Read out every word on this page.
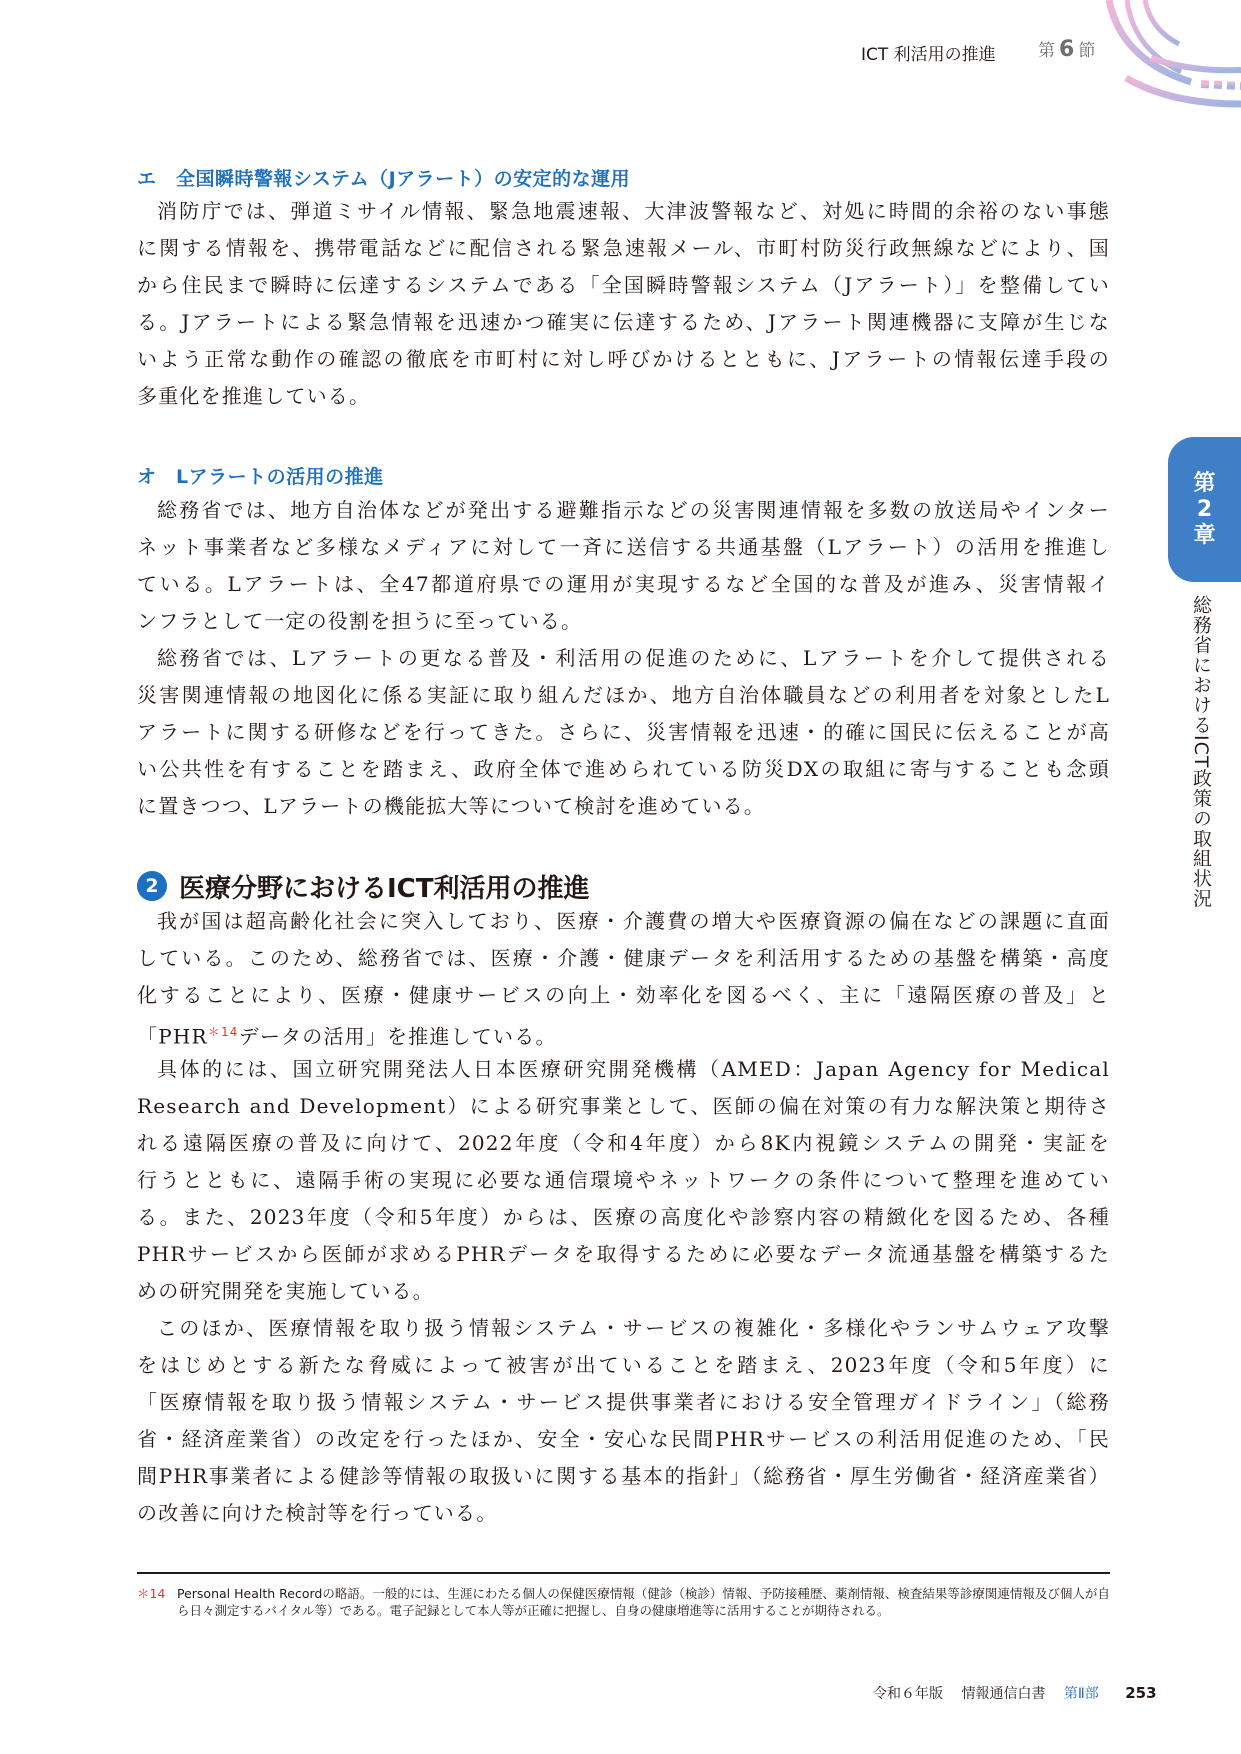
ICT 利活用の推進 第 6 節
エ　全国瞬時警報システム（Jアラート）の安定的な運用
消防庁では、弾道ミサイル情報、緊急地震速報、大津波警報など、対処に時間的余裕のない事態
に関する情報を、携帯電話などに配信される緊急速報メール、市町村防災行政無線などにより、国
から住民まで瞬時に伝達するシステムである「全国瞬時警報システム（Jアラート）」を整備してい
る。Jアラートによる緊急情報を迅速かつ確実に伝達するため、Jアラート関連機器に支障が生じな
いよう正常な動作の確認の徹底を市町村に対し呼びかけるとともに、Jアラートの情報伝達手段の
多重化を推進している。
オ　Lアラートの活用の推進
総務省では、地方自治体などが発出する避難指示などの災害関連情報を多数の放送局やインター
ネット事業者など多様なメディアに対して一斉に送信する共通基盤（Lアラート）の活用を推進し
ている。Lアラートは、全47都道府県での運用が実現するなど全国的な普及が進み、災害情報イ
ンフラとして一定の役割を担うに至っている。
総務省では、Lアラートの更なる普及・利活用の促進のために、Lアラートを介して提供される
災害関連情報の地図化に係る実証に取り組んだほか、地方自治体職員などの利用者を対象としたL
アラートに関する研修などを行ってきた。さらに、災害情報を迅速・的確に国民に伝えることが高
い公共性を有することを踏まえ、政府全体で進められている防災DXの取組に寄与することも念頭
に置きつつ、Lアラートの機能拡大等について検討を進めている。
2 医療分野におけるICT利活用の推進
我が国は超高齢化社会に突入しており、医療・介護費の増大や医療資源の偏在などの課題に直面
している。このため、総務省では、医療・介護・健康データを利活用するための基盤を構築・高度
化することにより、医療・健康サービスの向上・効率化を図るべく、主に「遠隔医療の普及」と
「PHR$^{*14}$データの活用」を推進している。
具体的には、国立研究開発法人日本医療研究開発機構（AMED：Japan Agency for Medical
Research and Development）による研究事業として、医師の偏在対策の有力な解決策と期待さ
れる遠隔医療の普及に向けて、2022年度（令和4年度）から8K内視鏡システムの開発・実証を
行うとともに、遠隔手術の実現に必要な通信環境やネットワークの条件について整理を進めてい
る。また、2023年度（令和5年度）からは、医療の高度化や診察内容の精緻化を図るため、各種
PHRサービスから医師が求めるPHRデータを取得するために必要なデータ流通基盤を構築するた
めの研究開発を実施している。
このほか、医療情報を取り扱う情報システム・サービスの複雑化・多様化やランサムウェア攻撃
をはじめとする新たな脅威によって被害が出ていることを踏まえ、2023年度（令和5年度）に
「医療情報を取り扱う情報システム・サービス提供事業者における安全管理ガイドライン」（総務
省・経済産業省）の改定を行ったほか、安全・安心な民間PHRサービスの利活用促進のため、「民
間PHR事業者による健診等情報の取扱いに関する基本的指針」（総務省・厚生労働省・経済産業省）
の改善に向けた検討等を行っている。
第
2
章
総務省におけるICT政策の取組状況
＊14 Personal Health Recordの略語。一般的には、生涯にわたる個人の保健医療情報（健診（検診）情報、予防接種歴、薬剤情報、検査結果等診療関連情報及び個人が自ら日々測定するバイタル等）である。電子記録として本人等が正確に把握し、自身の健康増進等に活用することが期待される。
令和６年版 情報通信白書 第Ⅱ部 253
